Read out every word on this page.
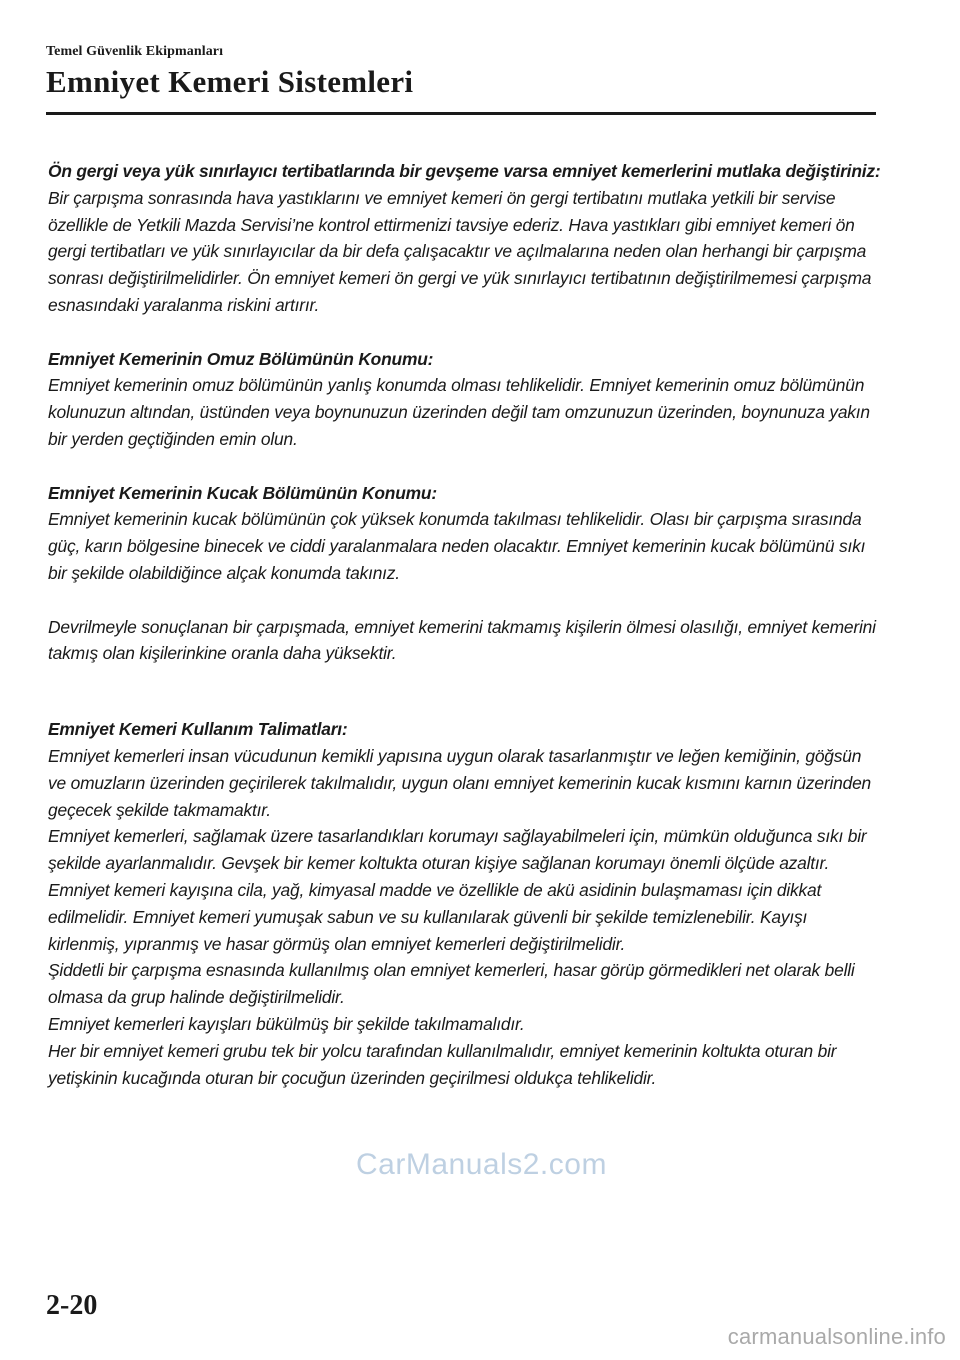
Temel Güvenlik Ekipmanları

Emniyet Kemeri Sistemleri
Ön gergi veya yük sınırlayıcı tertibatlarında bir gevşeme varsa emniyet kemerlerini mutlaka değiştiriniz:
Bir çarpışma sonrasında hava yastıklarını ve emniyet kemeri ön gergi tertibatını mutlaka yetkili bir servise özellikle de Yetkili Mazda Servisi’ne kontrol ettirmenizi tavsiye ederiz. Hava yastıkları gibi emniyet kemeri ön gergi tertibatları ve yük sınırlayıcılar da bir defa çalışacaktır ve açılmalarına neden olan herhangi bir çarpışma sonrası değiştirilmelidirler. Ön emniyet kemeri ön gergi ve yük sınırlayıcı tertibatının değiştirilmemesi çarpışma esnasındaki yaralanma riskini artırır.
Emniyet Kemerinin Omuz Bölümünün Konumu:
Emniyet kemerinin omuz bölümünün yanlış konumda olması tehlikelidir. Emniyet kemerinin omuz bölümünün kolunuzun altından, üstünden veya boynunuzun üzerinden değil tam omzunuzun üzerinden, boynunuza yakın bir yerden geçtiğinden emin olun.
Emniyet Kemerinin Kucak Bölümünün Konumu:
Emniyet kemerinin kucak bölümünün çok yüksek konumda takılması tehlikelidir. Olası bir çarpışma sırasında güç, karın bölgesine binecek ve ciddi yaralanmalara neden olacaktır. Emniyet kemerinin kucak bölümünü sıkı bir şekilde olabildiğince alçak konumda takınız.
Devrilmeyle sonuçlanan bir çarpışmada, emniyet kemerini takmamış kişilerin ölmesi olasılığı, emniyet kemerini takmış olan kişilerinkine oranla daha yüksektir.
Emniyet Kemeri Kullanım Talimatları:
Emniyet kemerleri insan vücudunun kemikli yapısına uygun olarak tasarlanmıştır ve leğen kemiğinin, göğsün ve omuzların üzerinden geçirilerek takılmalıdır, uygun olanı emniyet kemerinin kucak kısmını karnın üzerinden geçecek şekilde takmamaktır.
Emniyet kemerleri, sağlamak üzere tasarlandıkları korumayı sağlayabilmeleri için, mümkün olduğunca sıkı bir şekilde ayarlanmalıdır. Gevşek bir kemer koltukta oturan kişiye sağlanan korumayı önemli ölçüde azaltır.
Emniyet kemeri kayışına cila, yağ, kimyasal madde ve özellikle de akü asidinin bulaşmaması için dikkat edilmelidir. Emniyet kemeri yumuşak sabun ve su kullanılarak güvenli bir şekilde temizlenebilir. Kayışı kirlenmiş, yıpranmış ve hasar görmüş olan emniyet kemerleri değiştirilmelidir.
Şiddetli bir çarpışma esnasında kullanılmış olan emniyet kemerleri, hasar görüp görmedikleri net olarak belli olmasa da grup halinde değiştirilmelidir.
Emniyet kemerleri kayışları bükülmüş bir şekilde takılmamalıdır.
Her bir emniyet kemeri grubu tek bir yolcu tarafından kullanılmalıdır, emniyet kemerinin koltukta oturan bir yetişkinin kucağında oturan bir çocuğun üzerinden geçirilmesi oldukça tehlikelidir.
CarManuals2.com
2-20
carmanualsonline.info
